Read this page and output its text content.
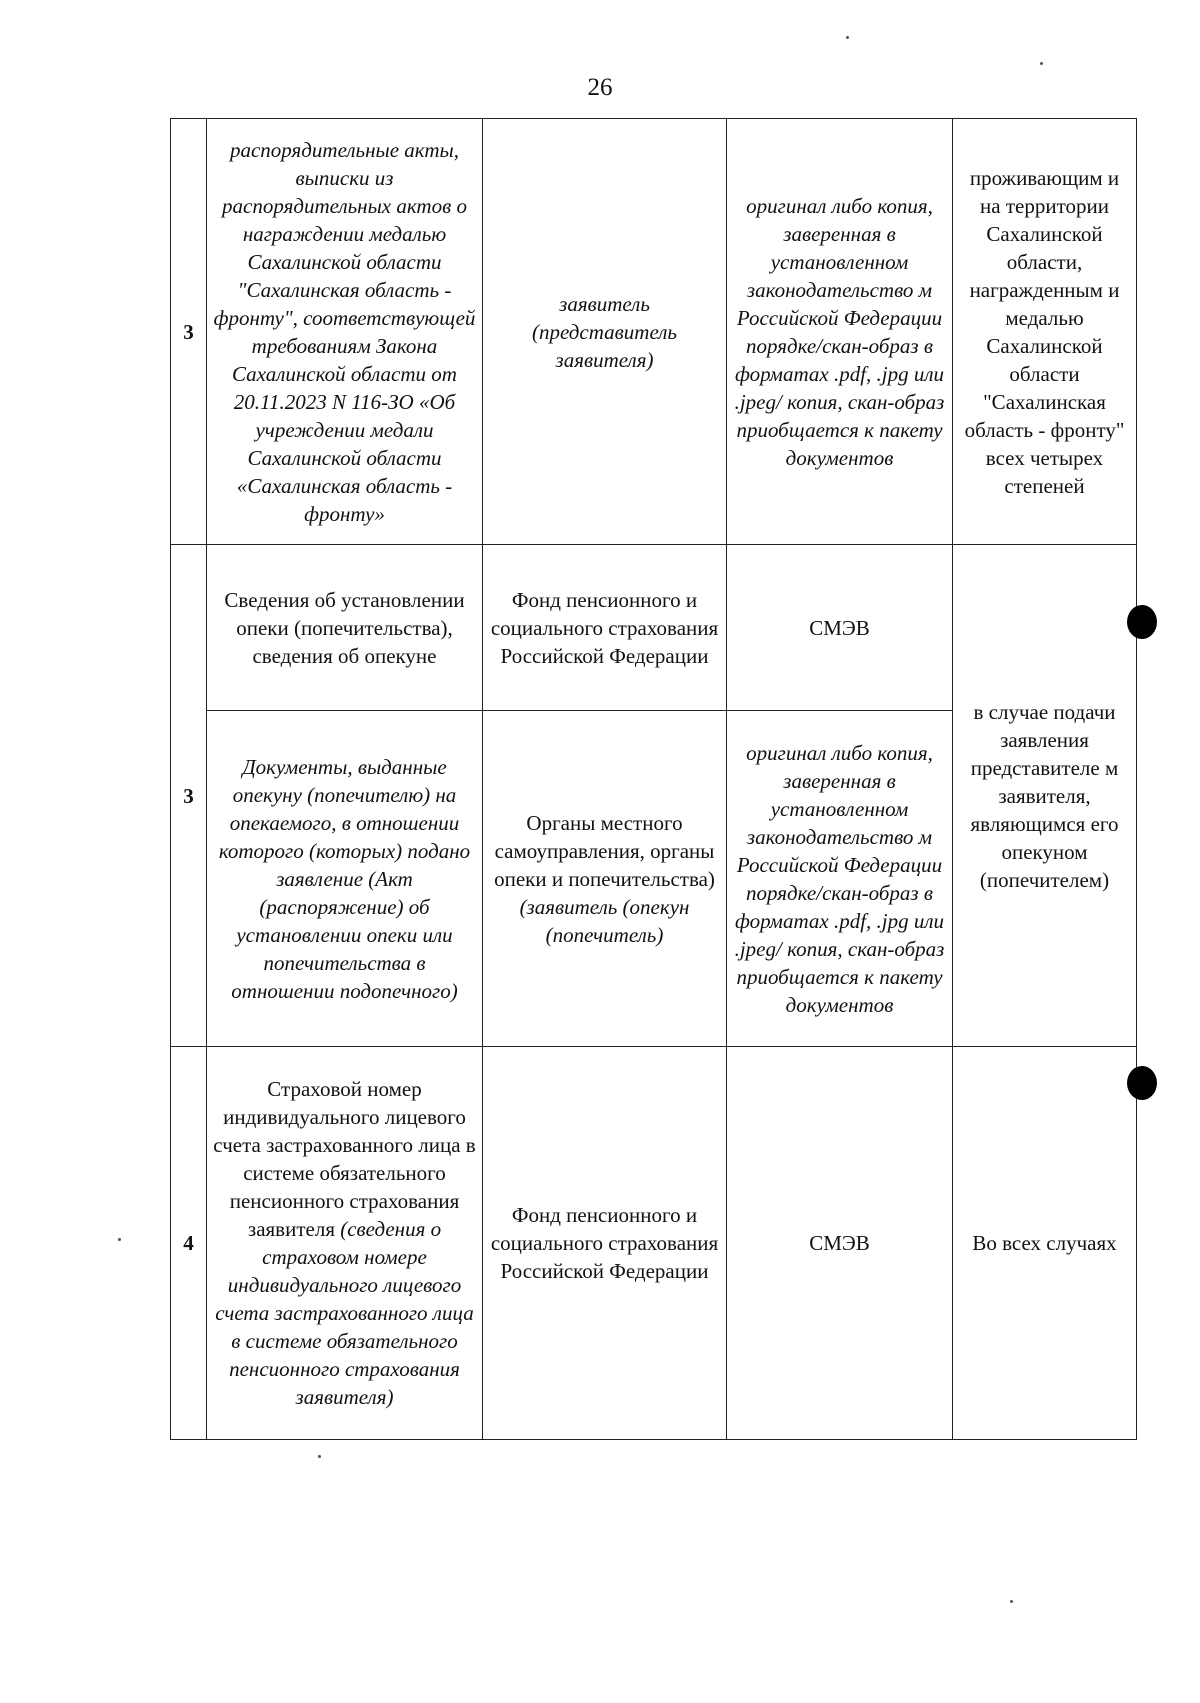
26
3	распорядительные акты, выписки из распорядительных актов о награждении медалью Сахалинской области "Сахалинская область - фронту", соответствующей требованиям Закона Сахалинской области от 20.11.2023 N 116-ЗО «Об учреждении медали Сахалинской области «Сахалинская область - фронту»	заявитель (представитель заявителя)	оригинал либо копия, заверенная в установленном законодательство м Российской Федерации порядке/скан-образ в форматах .pdf, .jpg или .jpeg/ копия, скан-образ приобщается к пакету документов	проживающим и на территории Сахалинской области, награжденным и медалью Сахалинской области "Сахалинская область - фронту" всех четырех степеней
3	Сведения об установлении опеки (попечительства), сведения об опекуне	Фонд пенсионного и социального страхования Российской Федерации	СМЭВ	в случае подачи заявления представителе м заявителя, являющимся его опекуном (попечителем)
	Документы, выданные опекуну (попечителю) на опекаемого, в отношении которого (которых) подано заявление (Акт (распоряжение) об установлении опеки или попечительства в отношении подопечного)	Органы местного самоуправления, органы опеки и попечительства) (заявитель (опекун (попечитель)	оригинал либо копия, заверенная в установленном законодательство м Российской Федерации порядке/скан-образ в форматах .pdf, .jpg или .jpeg/ копия, скан-образ приобщается к пакету документов	
4	Страховой номер индивидуального лицевого счета застрахованного лица в системе обязательного пенсионного страхования заявителя (сведения о страховом номере индивидуального лицевого счета застрахованного лица в системе обязательного пенсионного страхования заявителя)	Фонд пенсионного и социального страхования Российской Федерации	СМЭВ	Во всех случаях
